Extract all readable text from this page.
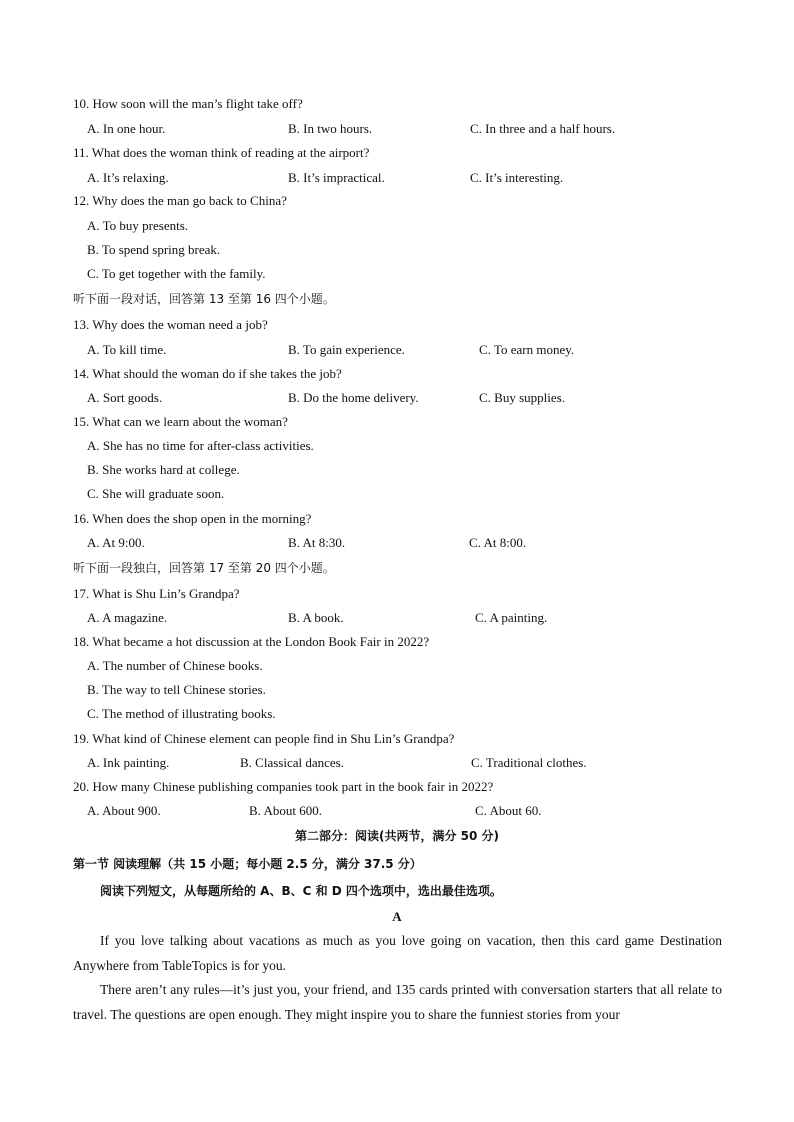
10. How soon will the man’s flight take off?
A. In one hour.	B. In two hours.	C. In three and a half hours.
11. What does the woman think of reading at the airport?
A. It’s relaxing.	B. It’s impractical.	C. It’s interesting.
12. Why does the man go back to China?
A. To buy presents.
B. To spend spring break.
C. To get together with the family.
听下面一段对话，回答第 13 至第 16 四个小题。
13. Why does the woman need a job?
A. To kill time.	B. To gain experience.	C. To earn money.
14. What should the woman do if she takes the job?
A. Sort goods.	B. Do the home delivery.	C. Buy supplies.
15. What can we learn about the woman?
A. She has no time for after-class activities.
B. She works hard at college.
C. She will graduate soon.
16. When does the shop open in the morning?
A. At 9:00.	B. At 8:30.	C. At 8:00.
听下面一段独白，回答第 17 至第 20 四个小题。
17. What is Shu Lin’s Grandpa?
A. A magazine.	B. A book.	C. A painting.
18. What became a hot discussion at the London Book Fair in 2022?
A. The number of Chinese books.
B. The way to tell Chinese stories.
C. The method of illustrating books.
19. What kind of Chinese element can people find in Shu Lin’s Grandpa?
A. Ink painting.	B. Classical dances.	C. Traditional clothes.
20. How many Chinese publishing companies took part in the book fair in 2022?
A. About 900.	B. About 600.	C. About 60.
第二部分：阅读(共两节，满分 50 分)
第一节 阅读理解（共 15 小题；每小题 2.5 分，满分 37.5 分）
阅读下列短文，从每题所给的 A、B、C 和 D 四个选项中，选出最佳选项。
A
If you love talking about vacations as much as you love going on vacation, then this card game Destination Anywhere from TableTopics is for you.
There aren’t any rules—it’s just you, your friend, and 135 cards printed with conversation starters that all relate to travel. The questions are open enough. They might inspire you to share the funniest stories from your
